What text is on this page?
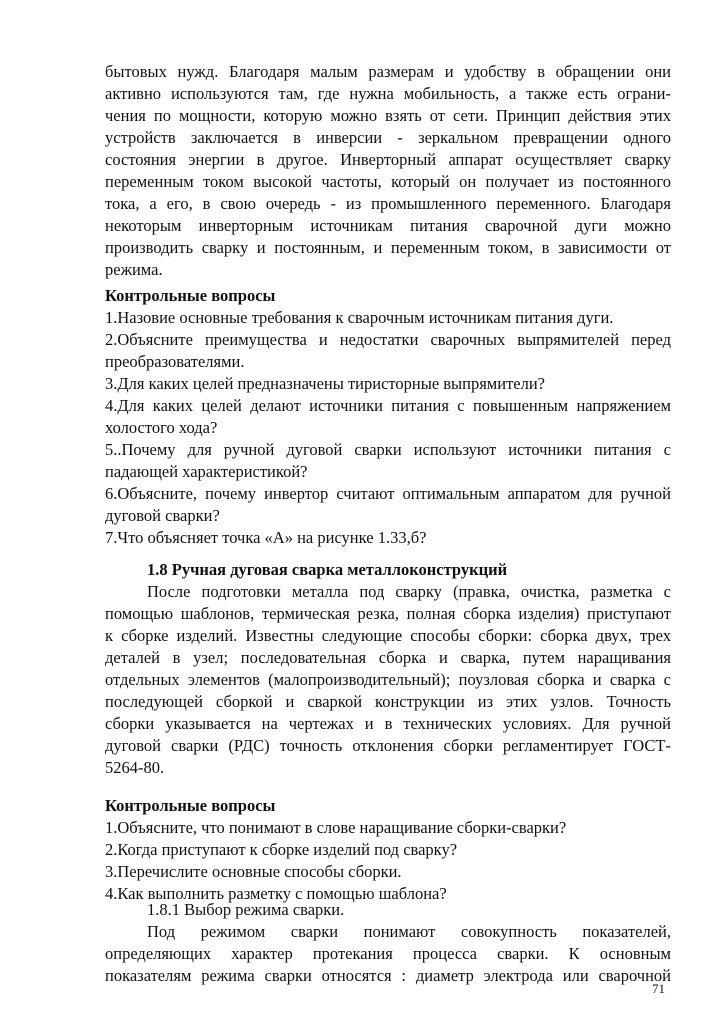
бытовых нужд. Благодаря малым размерам и удобству в обращении они
активно используются там, где нужна мобильность, а также есть ограни-
чения по мощности, которую можно взять от сети. Принцип действия этих
устройств заключается в инверсии - зеркальном превращении одного
состояния энергии в другое. Инверторный аппарат осуществляет сварку
переменным током высокой частоты, который он получает из постоянного
тока, а его, в свою очередь - из промышленного переменного. Благодаря
некоторым инверторным источникам питания сварочной дуги можно
производить сварку и постоянным, и переменным током, в зависимости от
режима.
Контрольные вопросы
1.Назовие основные требования к сварочным источникам питания дуги.
2.Объясните преимущества и недостатки сварочных выпрямителей перед
преобразователями.
3.Для каких целей предназначены тиристорные выпрямители?
4.Для каких целей делают источники питания с повышенным напряжением
холостого хода?
5..Почему для ручной дуговой сварки используют источники питания с
падающей характеристикой?
6.Объясните, почему инвертор считают оптимальным аппаратом для ручной
дуговой сварки?
7.Что объясняет точка «А» на рисунке 1.33,б?
1.8 Ручная дуговая сварка металлоконструкций
После подготовки металла под сварку (правка, очистка, разметка с
помощью шаблонов, термическая резка, полная сборка изделия) приступают
к сборке изделий. Известны следующие способы сборки: сборка двух, трех
деталей в узел; последовательная сборка и сварка, путем наращивания
отдельных элементов (малопроизводительный); поузловая сборка и сварка с
последующей сборкой и сваркой конструкции из этих узлов. Точность
сборки указывается на чертежах и в технических условиях. Для ручной
дуговой сварки (РДС) точность отклонения сборки регламентирует ГОСТ-
5264-80.
Контрольные вопросы
1.Объясните, что понимают в слове наращивание сборки-сварки?
2.Когда приступают к сборке изделий под сварку?
3.Перечислите основные способы сборки.
4.Как выполнить разметку с помощью шаблона?
1.8.1 Выбор режима сварки.
Под режимом сварки понимают совокупность показателей,
определяющих характер протекания процесса сварки. К основным
71
показателям режима сварки относятся : диаметр электрода или сварочной
